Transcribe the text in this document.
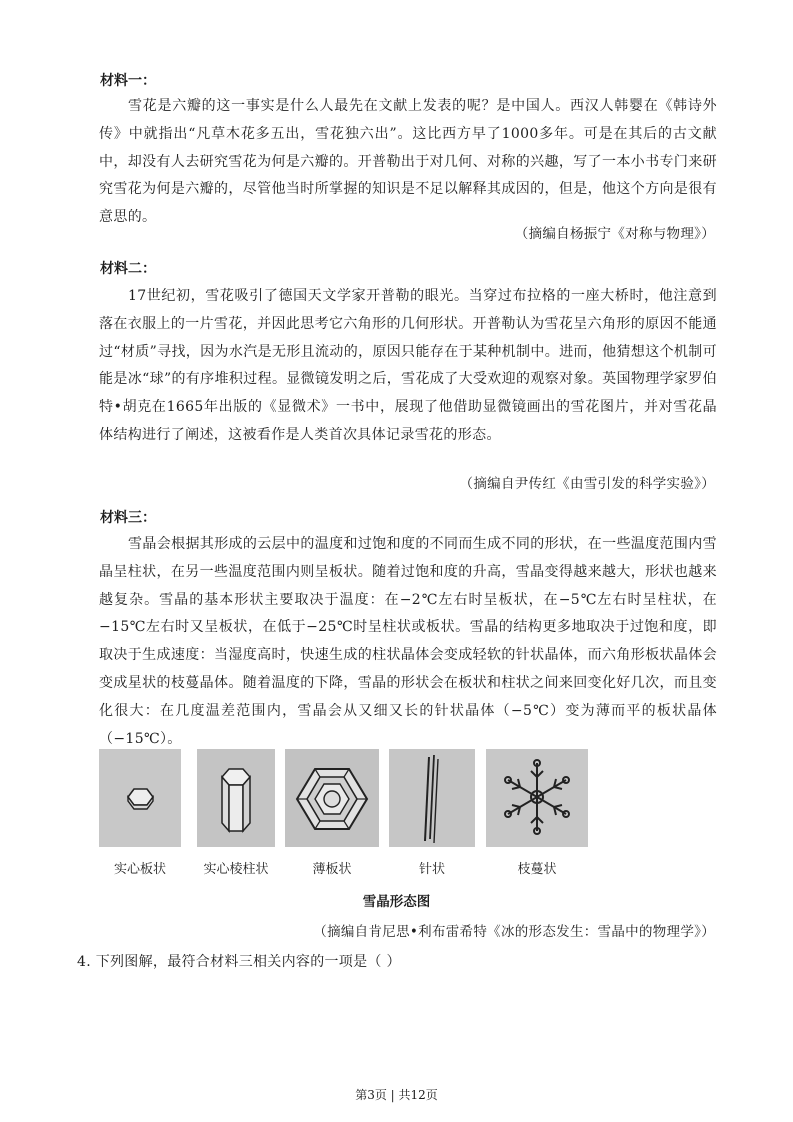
材料一：

雪花是六瓣的这一事实是什么人最先在文献上发表的呢？是中国人。西汉人韩婴在《韩诗外传》中就指出“凡草木花多五出，雪花独六出”。这比西方早了1000多年。可是在其后的古文献中，却没有人去研究雪花为何是六瓣的。开普勒出于对几何、对称的兴趣，写了一本小书专门来研究雪花为何是六瓣的，尽管他当时所掌握的知识是不足以解释其成因的，但是，他这个方向是很有意思的。

（摘编自杨振宁《对称与物理》）
材料二：

17世纪初，雪花吸引了德国天文学家开普勒的眼光。当穿过布拉格的一座大桥时，他注意到落在衣服上的一片雪花，并因此思考它六角形的几何形状。开普勒认为雪花呈六角形的原因不能通过“材质”寻找，因为水汽是无形且流动的，原因只能存在于某种机制中。进而，他猜想这个机制可能是冰“球”的有序堆积过程。显微镜发明之后，雪花成了大受欢迎的观察对象。英国物理学家罗伯特•胡克在1665年出版的《显微术》一书中，展现了他借助显微镜画出的雪花图片，并对雪花晶体结构进行了阐述，这被看作是人类首次具体记录雪花的形态。

（摘编自尹传红《由雪引发的科学实验》）
材料三：

雪晶会根据其形成的云层中的温度和过饱和度的不同而生成不同的形状，在一些温度范围内雪晶呈柱状，在另一些温度范围内则呈板状。随着过饱和度的升高，雪晶变得越来越大，形状也越来越复杂。雪晶的基本形状主要取决于温度：在−2℃左右时呈板状，在−5℃左右时呈柱状，在−15℃左右时又呈板状，在低于−25℃时呈柱状或板状。雪晶的结构更多地取决于过饱和度，即取决于生成速度：当湿度高时，快速生成的柱状晶体会变成轻软的针状晶体，而六角形板状晶体会变成星状的枝蔓晶体。随着温度的下降，雪晶的形状会在板状和柱状之间来回变化好几次，而且变化很大：在几度温差范围内，雪晶会从又细又长的针状晶体（−5℃）变为薄而平的板状晶体（−15℃）。

实心板状	实心棱柱状	薄板状	针状	枝蔓状
雪晶形态图
（摘编自肯尼思•利布雷希特《冰的形态发生：雪晶中的物理学》）
4. 下列图解，最符合材料三相关内容的一项是（ ）
第3页 | 共12页
